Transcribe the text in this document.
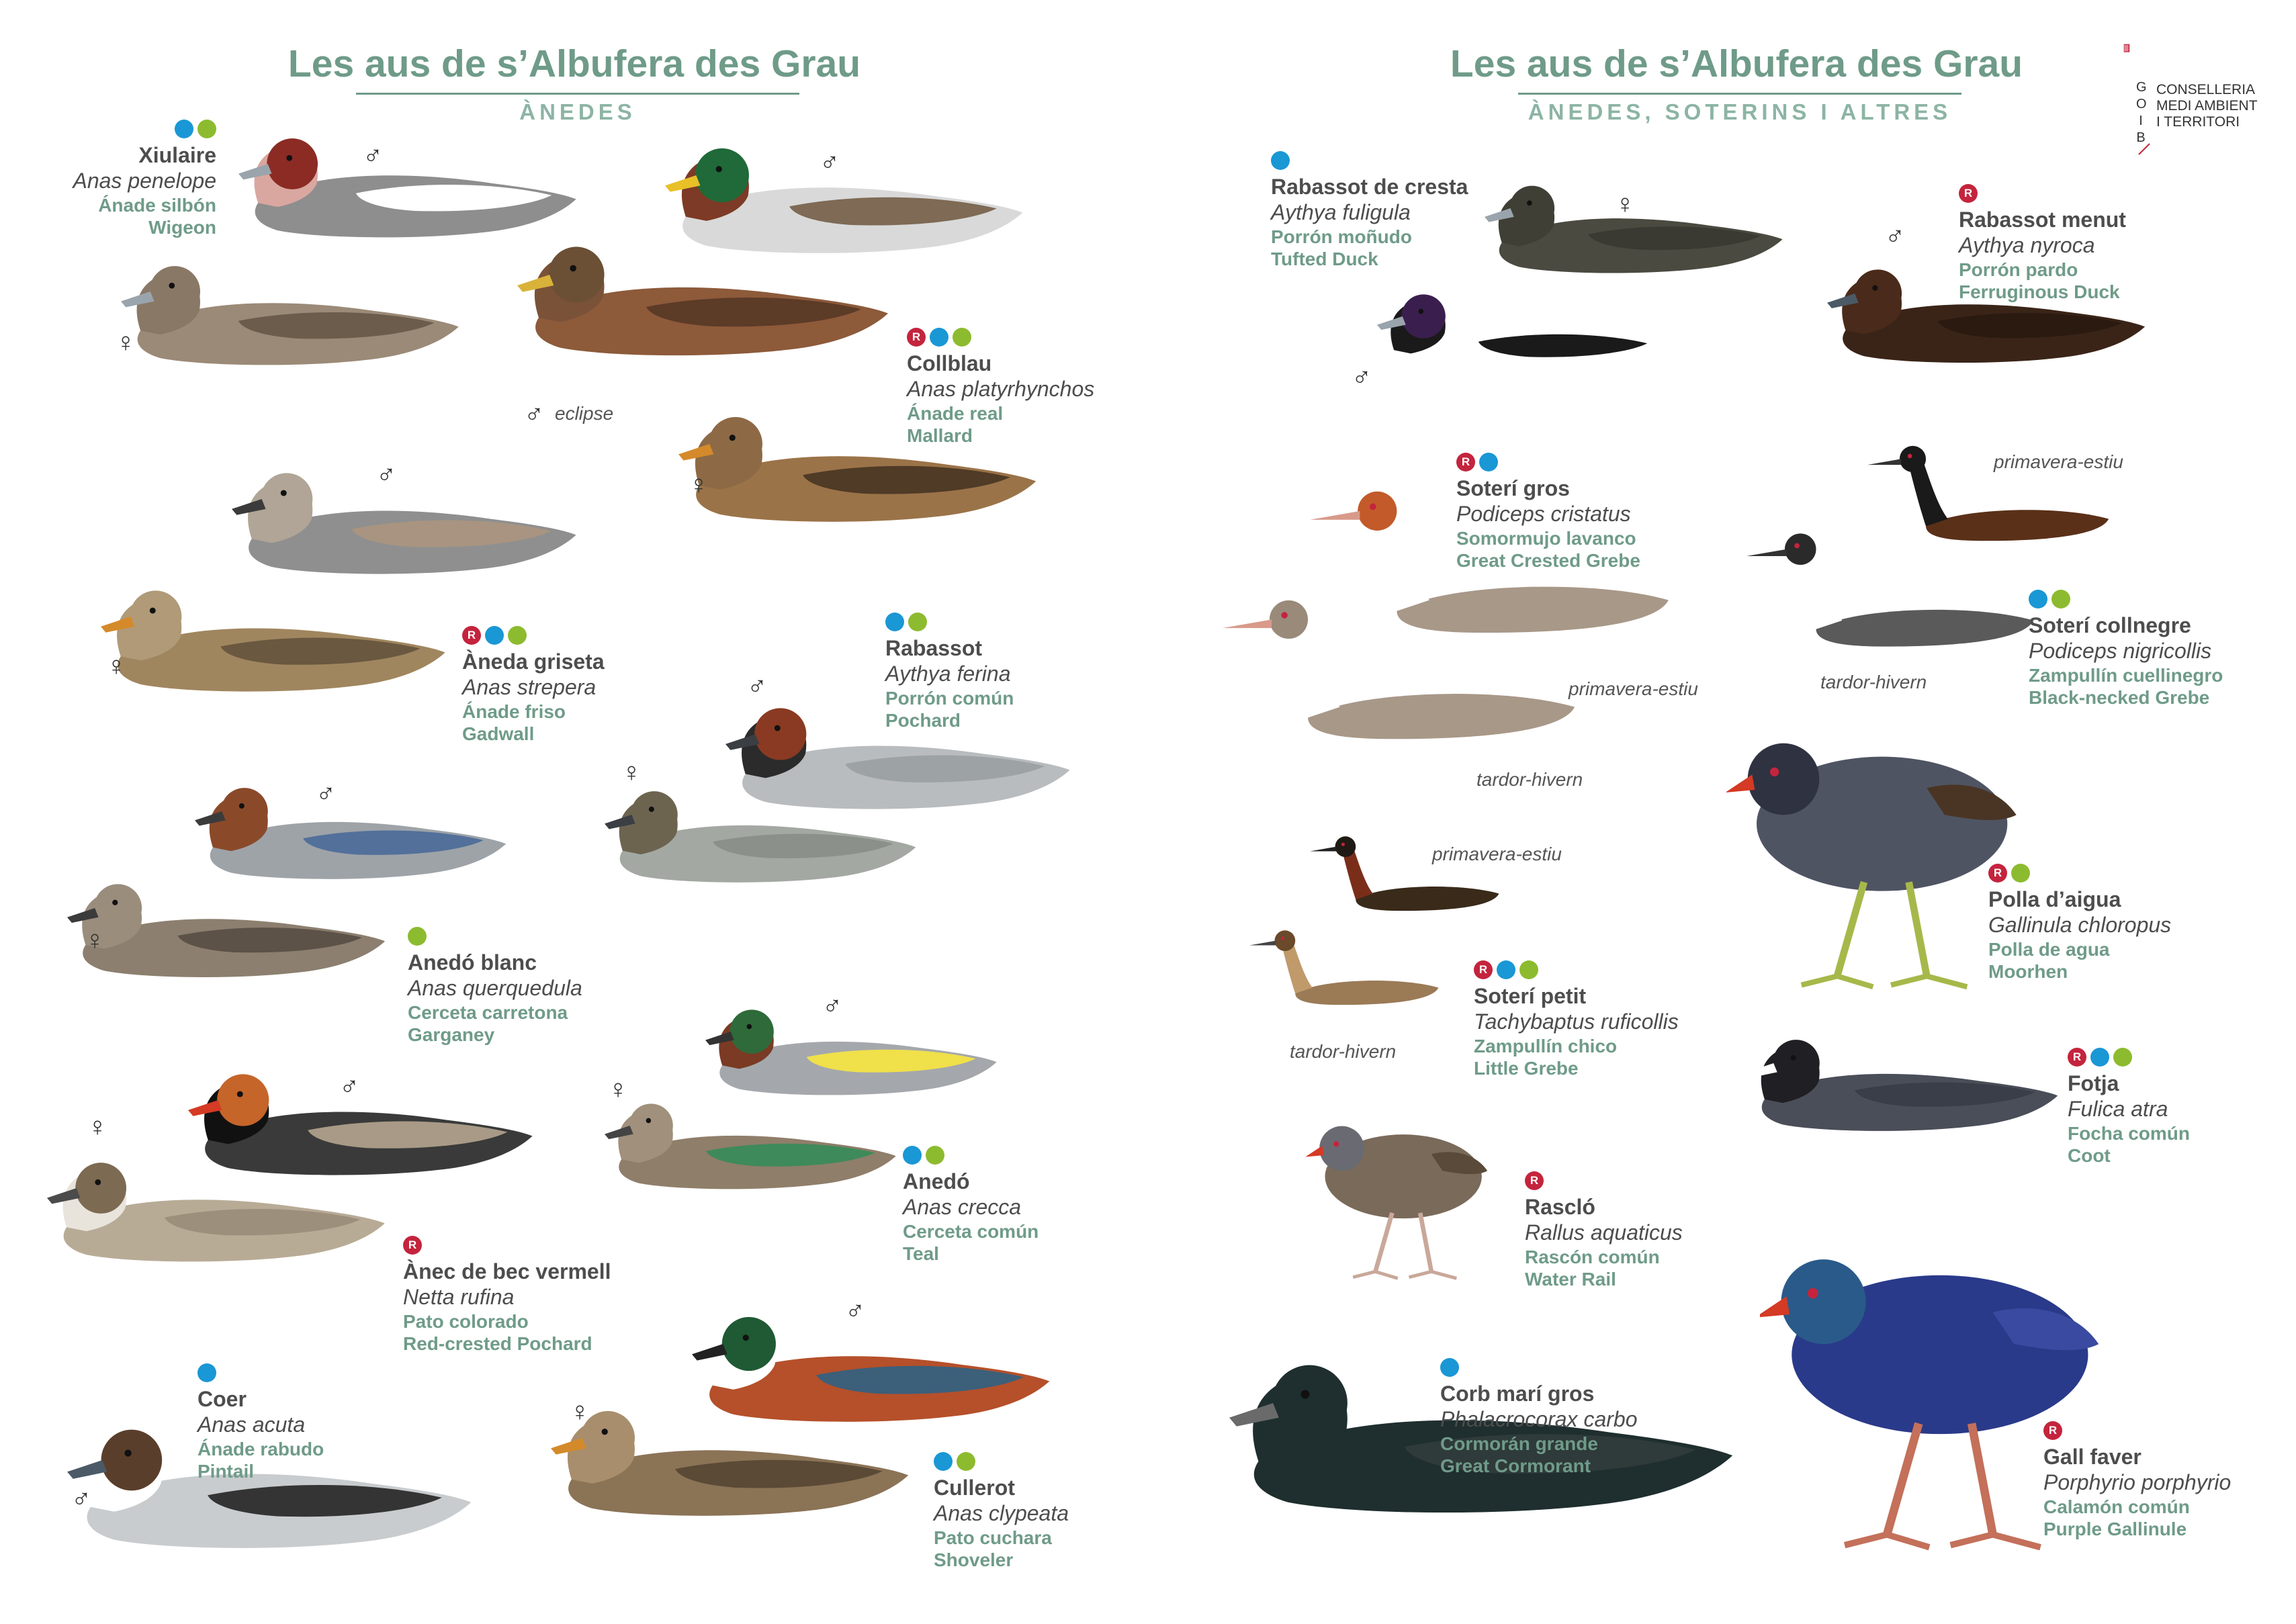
Les aus de s’Albufera des Grau
ÀNEDES
Les aus de s’Albufera des Grau
ÀNEDES, SOTERINS I ALTRES
G
O
I
B
CONSELLERIA
MEDI AMBIENT
I TERRITORI
♂
♀
♂
♂
♀
♂
♀
♂
♀
♂
♀
♂
♀
♂
♀
♂
♀
♂
♀
♂
♂
eclipse
primavera-estiu
tardor-hivern
primavera-estiu
tardor-hivern
primavera-estiu
tardor-hivern
Xiulaire
Anas penelope
Ánade silbón
Wigeon
R
Collblau
Anas platyrhynchos
Ánade real
Mallard
R
Àneda griseta
Anas strepera
Ánade friso
Gadwall
Rabassot
Aythya ferina
Porrón común
Pochard
Anedó blanc
Anas querquedula
Cerceta carretona
Garganey
Anedó
Anas crecca
Cerceta común
Teal
R
Ànec de bec vermell
Netta rufina
Pato colorado
Red-crested Pochard
Coer
Anas acuta
Ánade rabudo
Pintail
Cullerot
Anas clypeata
Pato cuchara
Shoveler
Rabassot de cresta
Aythya fuligula
Porrón moñudo
Tufted Duck
R
Rabassot menut
Aythya nyroca
Porrón pardo
Ferruginous Duck
R
Soterí gros
Podiceps cristatus
Somormujo lavanco
Great Crested Grebe
Soterí collnegre
Podiceps nigricollis
Zampullín cuellinegro
Black-necked Grebe
R
Polla d’aigua
Gallinula chloropus
Polla de agua
Moorhen
R
Soterí petit
Tachybaptus ruficollis
Zampullín chico
Little Grebe
R
Fotja
Fulica atra
Focha común
Coot
R
Rascló
Rallus aquaticus
Rascón común
Water Rail
Corb marí gros
Phalacrocorax carbo
Cormorán grande
Great Cormorant
R
Gall faver
Porphyrio porphyrio
Calamón común
Purple Gallinule
